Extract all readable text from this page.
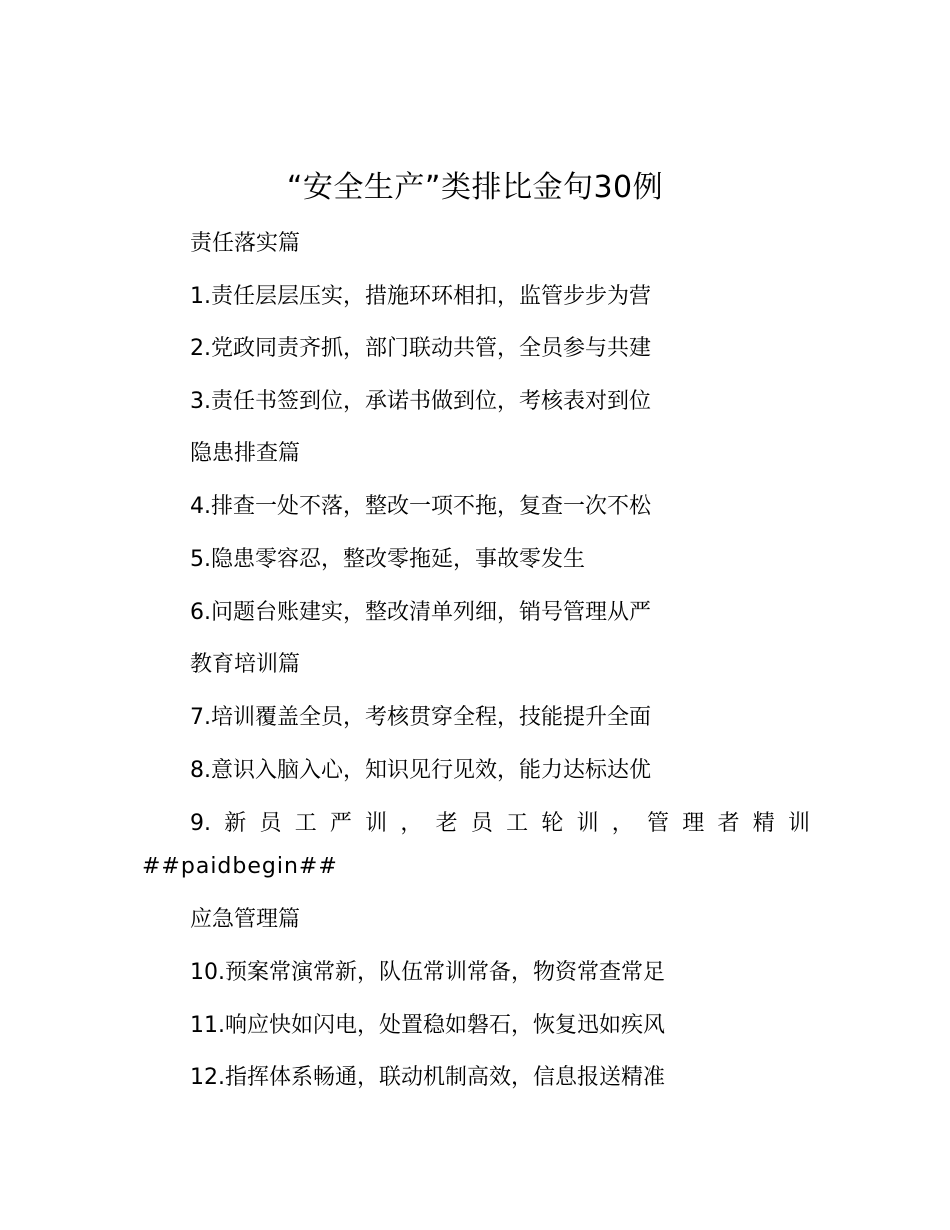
“安全生产”类排比金句30例
责任落实篇
1.责任层层压实，措施环环相扣，监管步步为营
2.党政同责齐抓，部门联动共管，全员参与共建
3.责任书签到位，承诺书做到位，考核表对到位
隐患排查篇
4.排查一处不落，整改一项不拖，复查一次不松
5.隐患零容忍，整改零拖延，事故零发生
6.问题台账建实，整改清单列细，销号管理从严
教育培训篇
7.培训覆盖全员，考核贯穿全程，技能提升全面
8.意识入脑入心，知识见行见效，能力达标达优
9. 新 员 工 严 训 ， 老 员 工 轮 训 ， 管 理 者 精 训
##paidbegin##
应急管理篇
10.预案常演常新，队伍常训常备，物资常查常足
11.响应快如闪电，处置稳如磐石，恢复迅如疾风
12.指挥体系畅通，联动机制高效，信息报送精准
